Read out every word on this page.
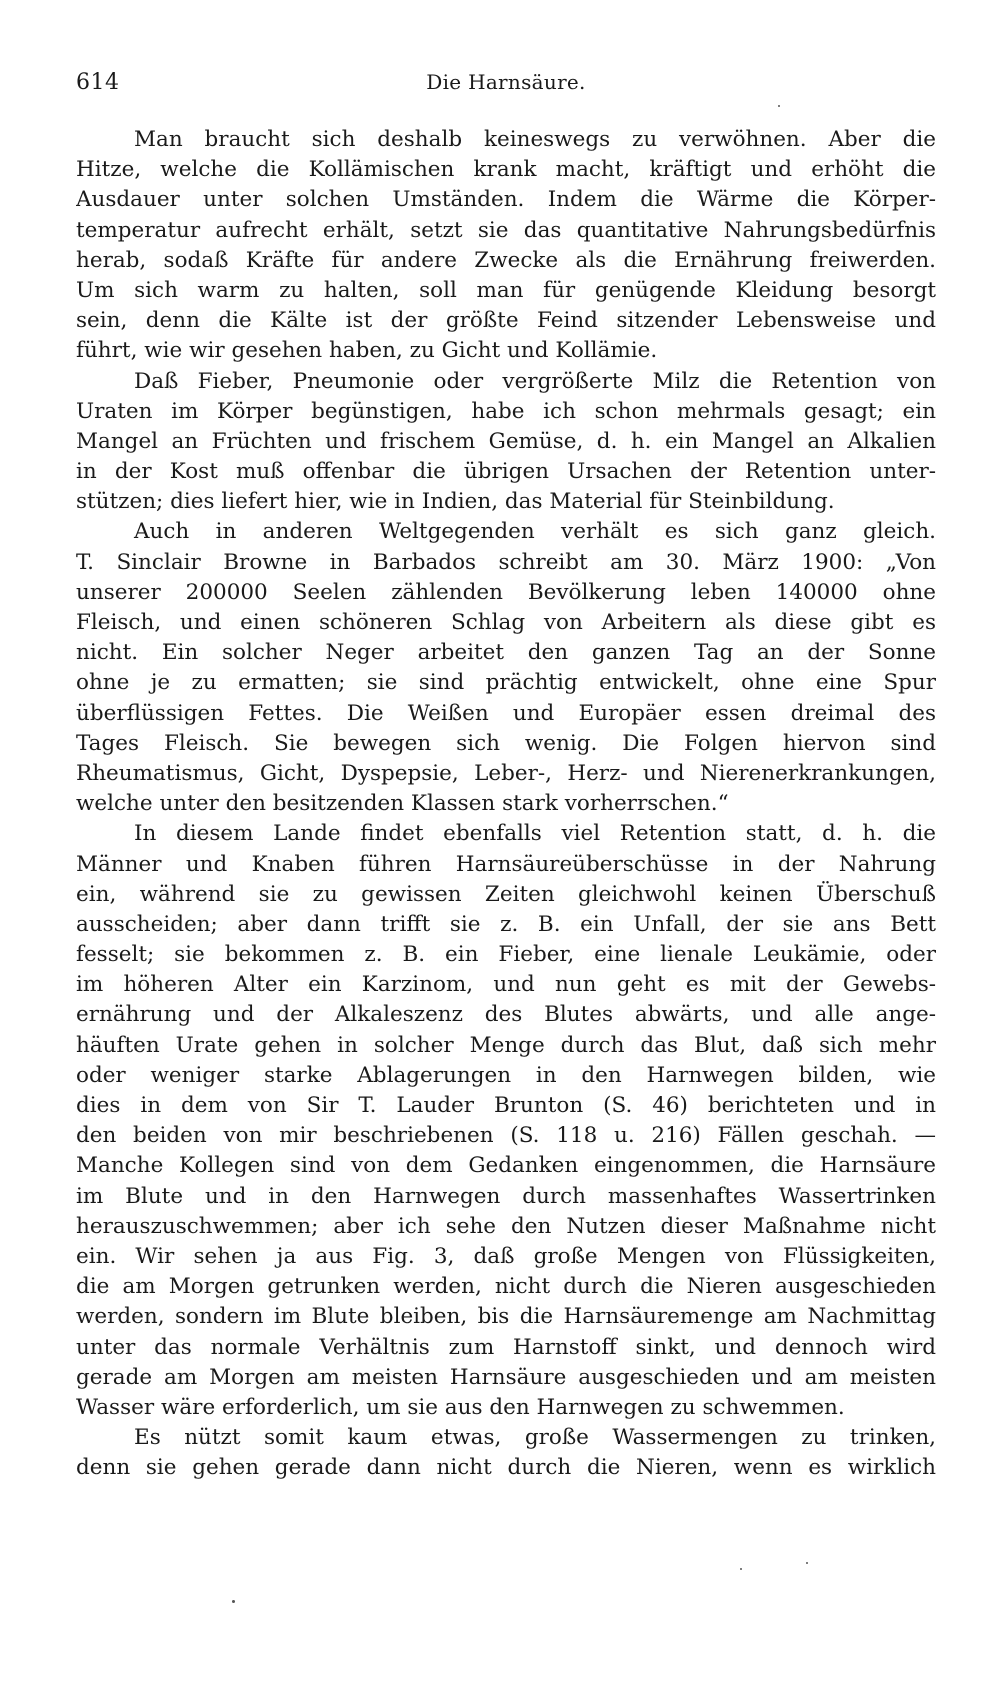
614	Die Harnsäure.
Man braucht sich deshalb keineswegs zu verwöhnen. Aber die
Hitze, welche die Kollämischen krank macht, kräftigt und erhöht die
Ausdauer unter solchen Umständen. Indem die Wärme die Körper-
temperatur aufrecht erhält, setzt sie das quantitative Nahrungsbedürfnis
herab, sodaß Kräfte für andere Zwecke als die Ernährung freiwerden.
Um sich warm zu halten, soll man für genügende Kleidung besorgt
sein, denn die Kälte ist der größte Feind sitzender Lebensweise und
führt, wie wir gesehen haben, zu Gicht und Kollämie.
Daß Fieber, Pneumonie oder vergrößerte Milz die Retention von
Uraten im Körper begünstigen, habe ich schon mehrmals gesagt; ein
Mangel an Früchten und frischem Gemüse, d. h. ein Mangel an Alkalien
in der Kost muß offenbar die übrigen Ursachen der Retention unter-
stützen; dies liefert hier, wie in Indien, das Material für Steinbildung.
Auch in anderen Weltgegenden verhält es sich ganz gleich.
T. Sinclair Browne in Barbados schreibt am 30. März 1900: „Von
unserer 200000 Seelen zählenden Bevölkerung leben 140000 ohne
Fleisch, und einen schöneren Schlag von Arbeitern als diese gibt es
nicht. Ein solcher Neger arbeitet den ganzen Tag an der Sonne
ohne je zu ermatten; sie sind prächtig entwickelt, ohne eine Spur
überflüssigen Fettes. Die Weißen und Europäer essen dreimal des
Tages Fleisch. Sie bewegen sich wenig. Die Folgen hiervon sind
Rheumatismus, Gicht, Dyspepsie, Leber-, Herz- und Nierenerkrankungen,
welche unter den besitzenden Klassen stark vorherrschen.“
In diesem Lande findet ebenfalls viel Retention statt, d. h. die
Männer und Knaben führen Harnsäureüberschüsse in der Nahrung
ein, während sie zu gewissen Zeiten gleichwohl keinen Überschuß
ausscheiden; aber dann trifft sie z. B. ein Unfall, der sie ans Bett
fesselt; sie bekommen z. B. ein Fieber, eine lienale Leukämie, oder
im höheren Alter ein Karzinom, und nun geht es mit der Gewebs-
ernährung und der Alkaleszenz des Blutes abwärts, und alle ange-
häuften Urate gehen in solcher Menge durch das Blut, daß sich mehr
oder weniger starke Ablagerungen in den Harnwegen bilden, wie
dies in dem von Sir T. Lauder Brunton (S. 46) berichteten und in
den beiden von mir beschriebenen (S. 118 u. 216) Fällen geschah. —
Manche Kollegen sind von dem Gedanken eingenommen, die Harnsäure
im Blute und in den Harnwegen durch massenhaftes Wassertrinken
herauszuschwemmen; aber ich sehe den Nutzen dieser Maßnahme nicht
ein. Wir sehen ja aus Fig. 3, daß große Mengen von Flüssigkeiten,
die am Morgen getrunken werden, nicht durch die Nieren ausgeschieden
werden, sondern im Blute bleiben, bis die Harnsäuremenge am Nachmittag
unter das normale Verhältnis zum Harnstoff sinkt, und dennoch wird
gerade am Morgen am meisten Harnsäure ausgeschieden und am meisten
Wasser wäre erforderlich, um sie aus den Harnwegen zu schwemmen.
Es nützt somit kaum etwas, große Wassermengen zu trinken,
denn sie gehen gerade dann nicht durch die Nieren, wenn es wirklich
